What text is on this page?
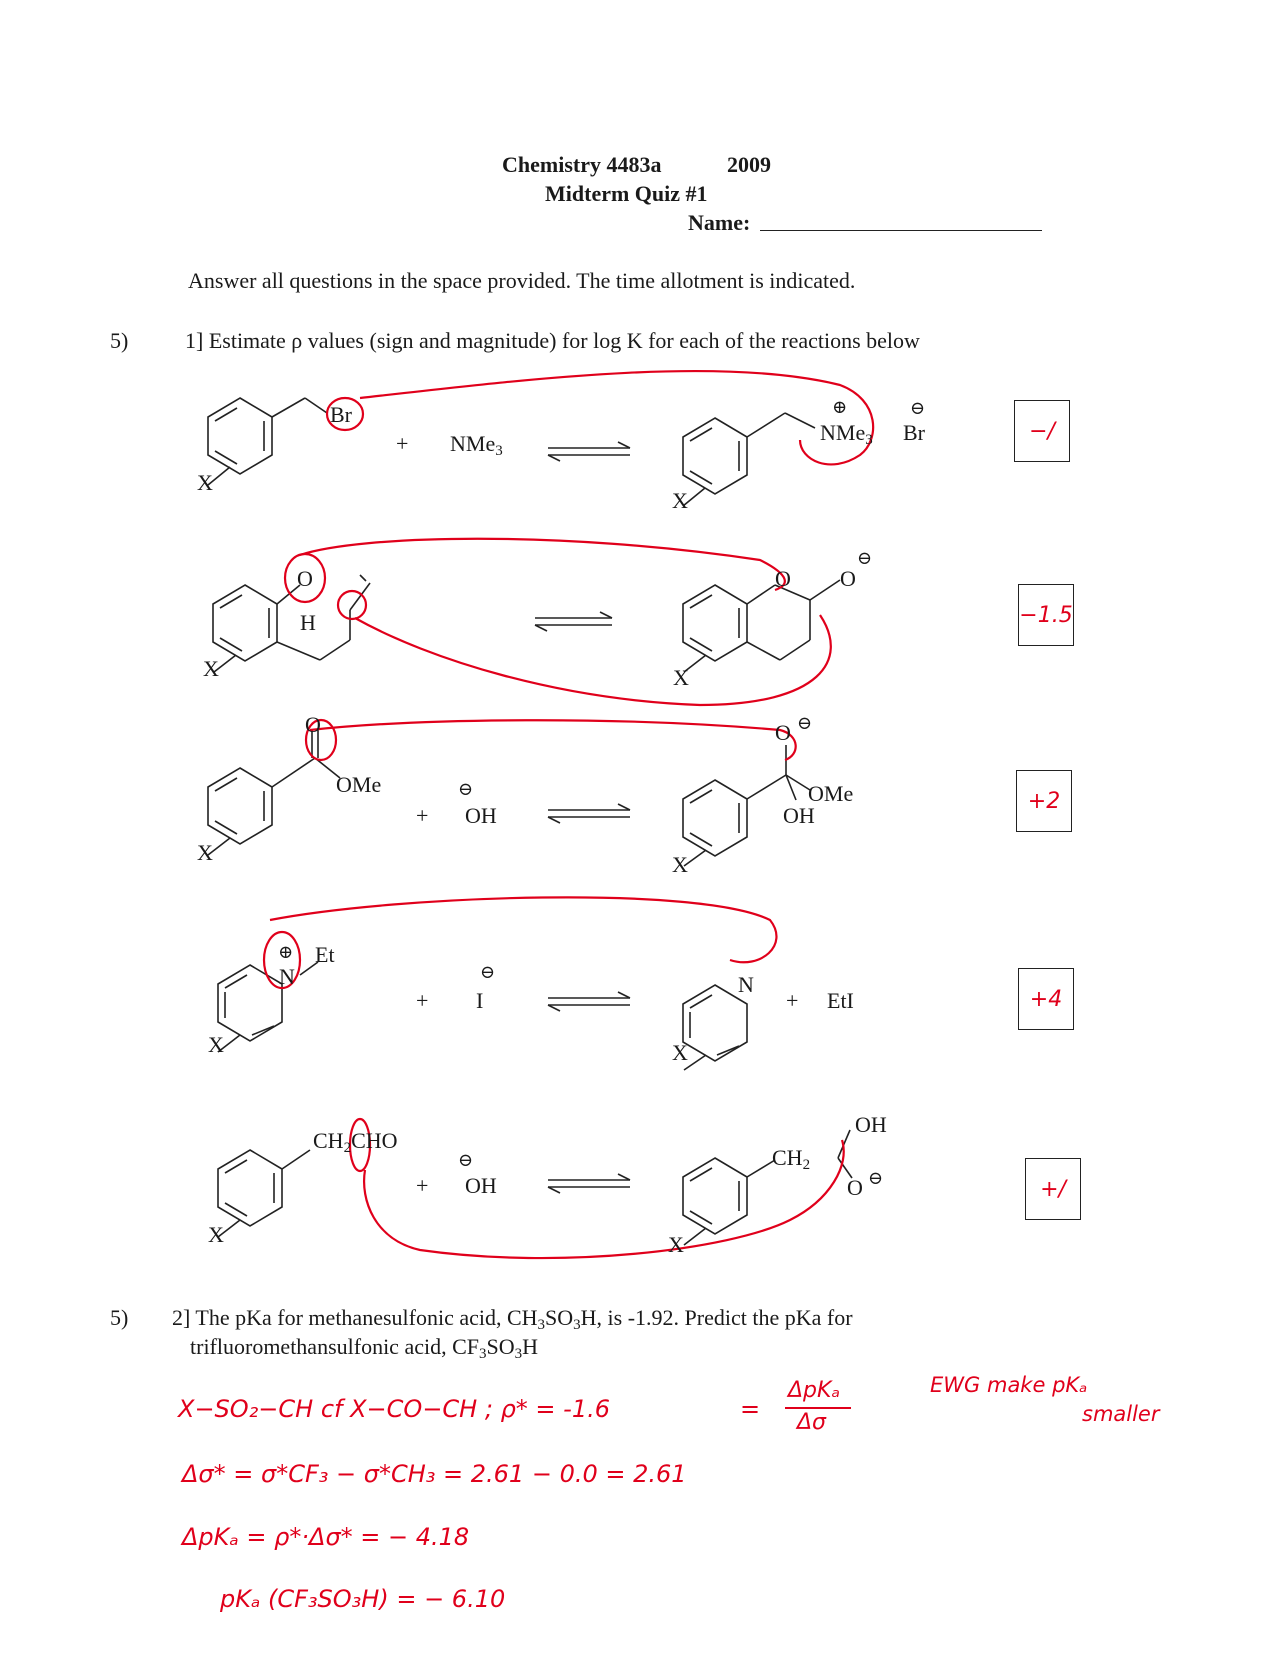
Chemistry 4483a	2009
Midterm Quiz #1
Name:
Answer all questions in the space provided. The time allotment is indicated.
5)	1] Estimate ρ values (sign and magnitude) for log K for each of the reactions below
Br
+ NMe$_3$
X
NMe$_3$
⊕
Br
⊖
X
O
H
X
O O
⊖
X
O
OMe	⊖
+ OH
X
O ⊖
OMe
OH
X
N
⊕ Et
+ I
⊖
X
N
+ EtI
X
$CH_2CHO$
⊖
+ OH
X
$CH_2$
OH
O ⊖
X
−/
−1.5
+2
+4
+/
5) 2] The pKa for methanesulfonic acid, $CH_3SO_3H$, is -1.92. Predict the pKa for
trifluoromethansulfonic acid, $CF_3SO_3H$
X−SO₂−CH cf X−CO−CH ; ρ* = -1.6	=
ΔpKₐ
Δσ
EWG make pKₐ
smaller
Δσ* = σ*CF₃ − σ*CH₃ = 2.61 − 0.0 = 2.61
ΔpKₐ = ρ*·Δσ* = − 4.18
pKₐ (CF₃SO₃H) = − 6.10
